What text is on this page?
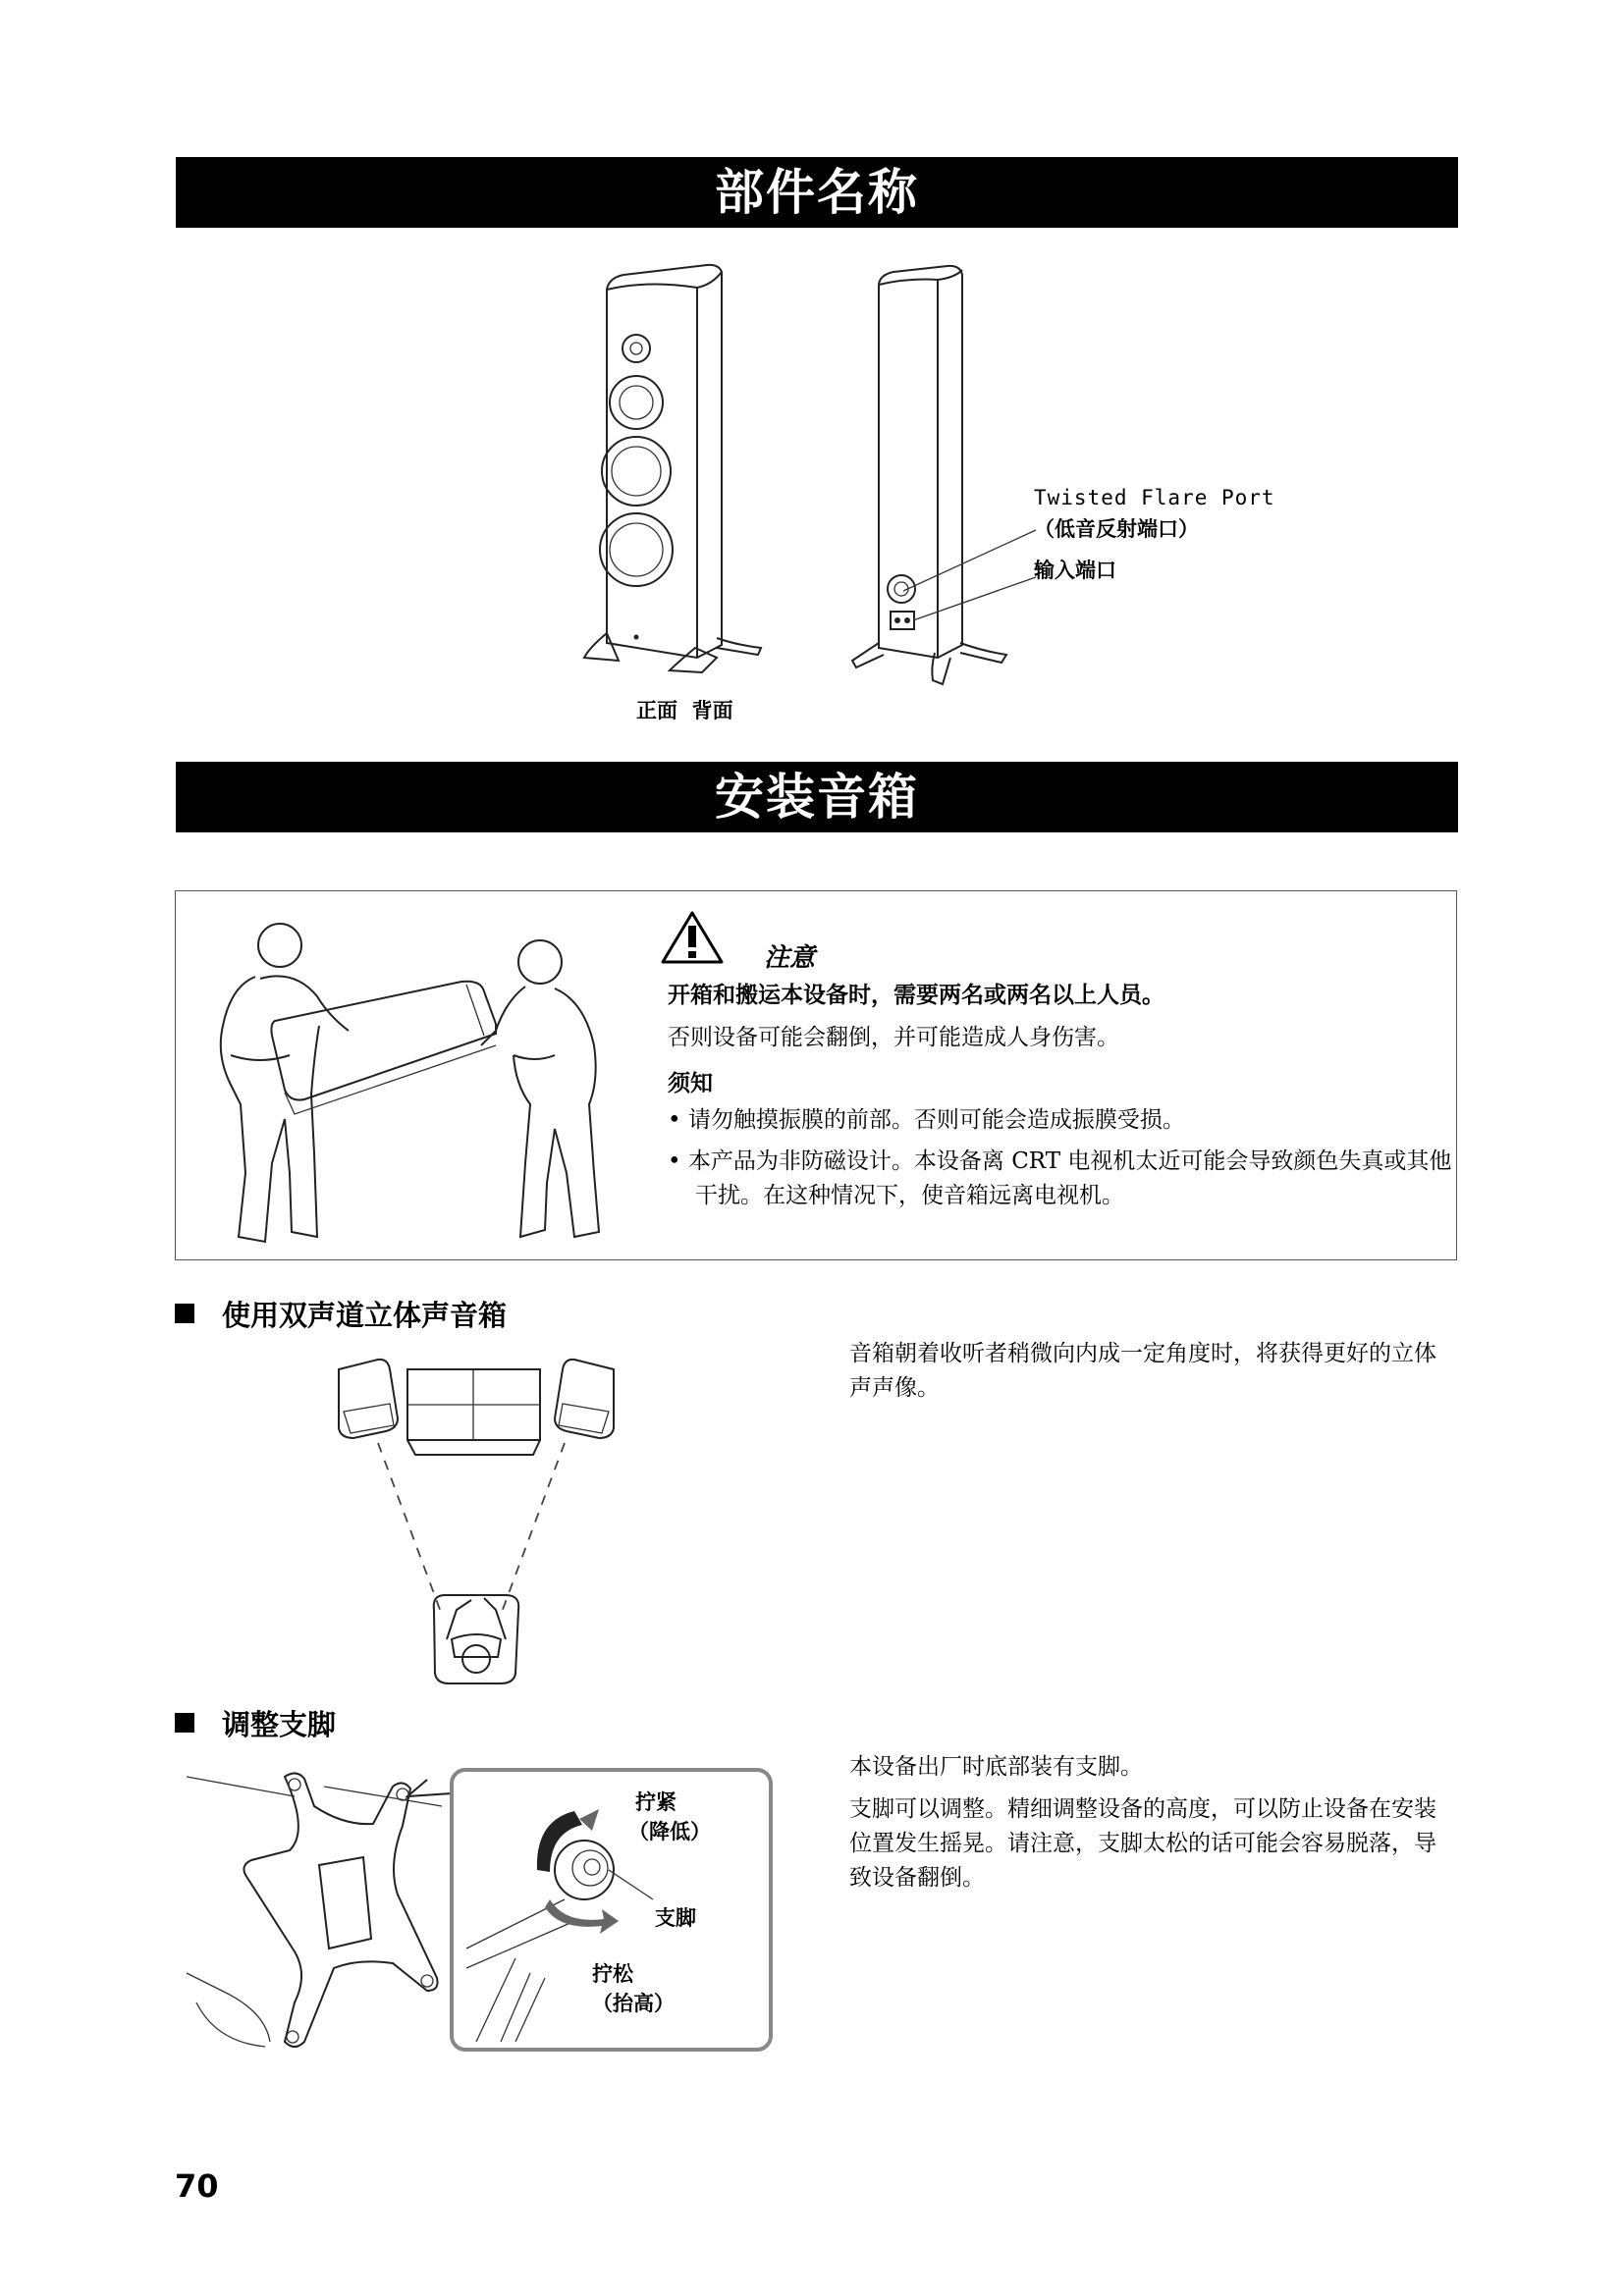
部件名称
Twisted Flare Port
（低音反射端口）
输入端口
正面  背面
安装音箱
注意
开箱和搬运本设备时，需要两名或两名以上人员。
否则设备可能会翻倒，并可能造成人身伤害。
须知
• 请勿触摸振膜的前部。否则可能会造成振膜受损。
• 本产品为非防磁设计。本设备离 CRT 电视机太近可能会导致颜色失真或其他干扰。在这种情况下，使音箱远离电视机。
使用双声道立体声音箱
音箱朝着收听者稍微向内成一定角度时，将获得更好的立体声声像。
调整支脚
拧紧
（降低）
支脚
拧松
（抬高）
本设备出厂时底部装有支脚。
支脚可以调整。精细调整设备的高度，可以防止设备在安装位置发生摇晃。请注意，支脚太松的话可能会容易脱落，导致设备翻倒。
70
